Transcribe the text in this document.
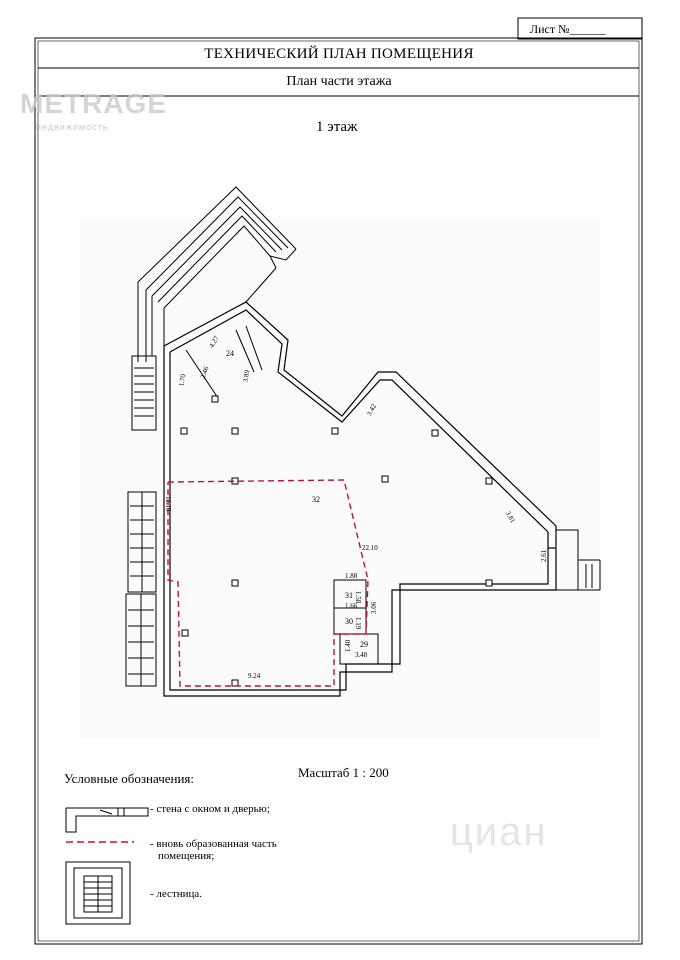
24
32
31
30
29
4.27
3.89
2.46
1.70
11.16
3.42
3.81
2.61
22.10
1.88
1.66
1.58
3.06
1.19
1.40
3.48
9.24
METRAGE
недвижимость
циан
Лист №______
ТЕХНИЧЕСКИЙ ПЛАН ПОМЕЩЕНИЯ
План части этажа
1 этаж
Масштаб 1 : 200
Условные обозначения:
- стена с окном и дверью;
- вновь образованная часть
помещения;
- лестница.
